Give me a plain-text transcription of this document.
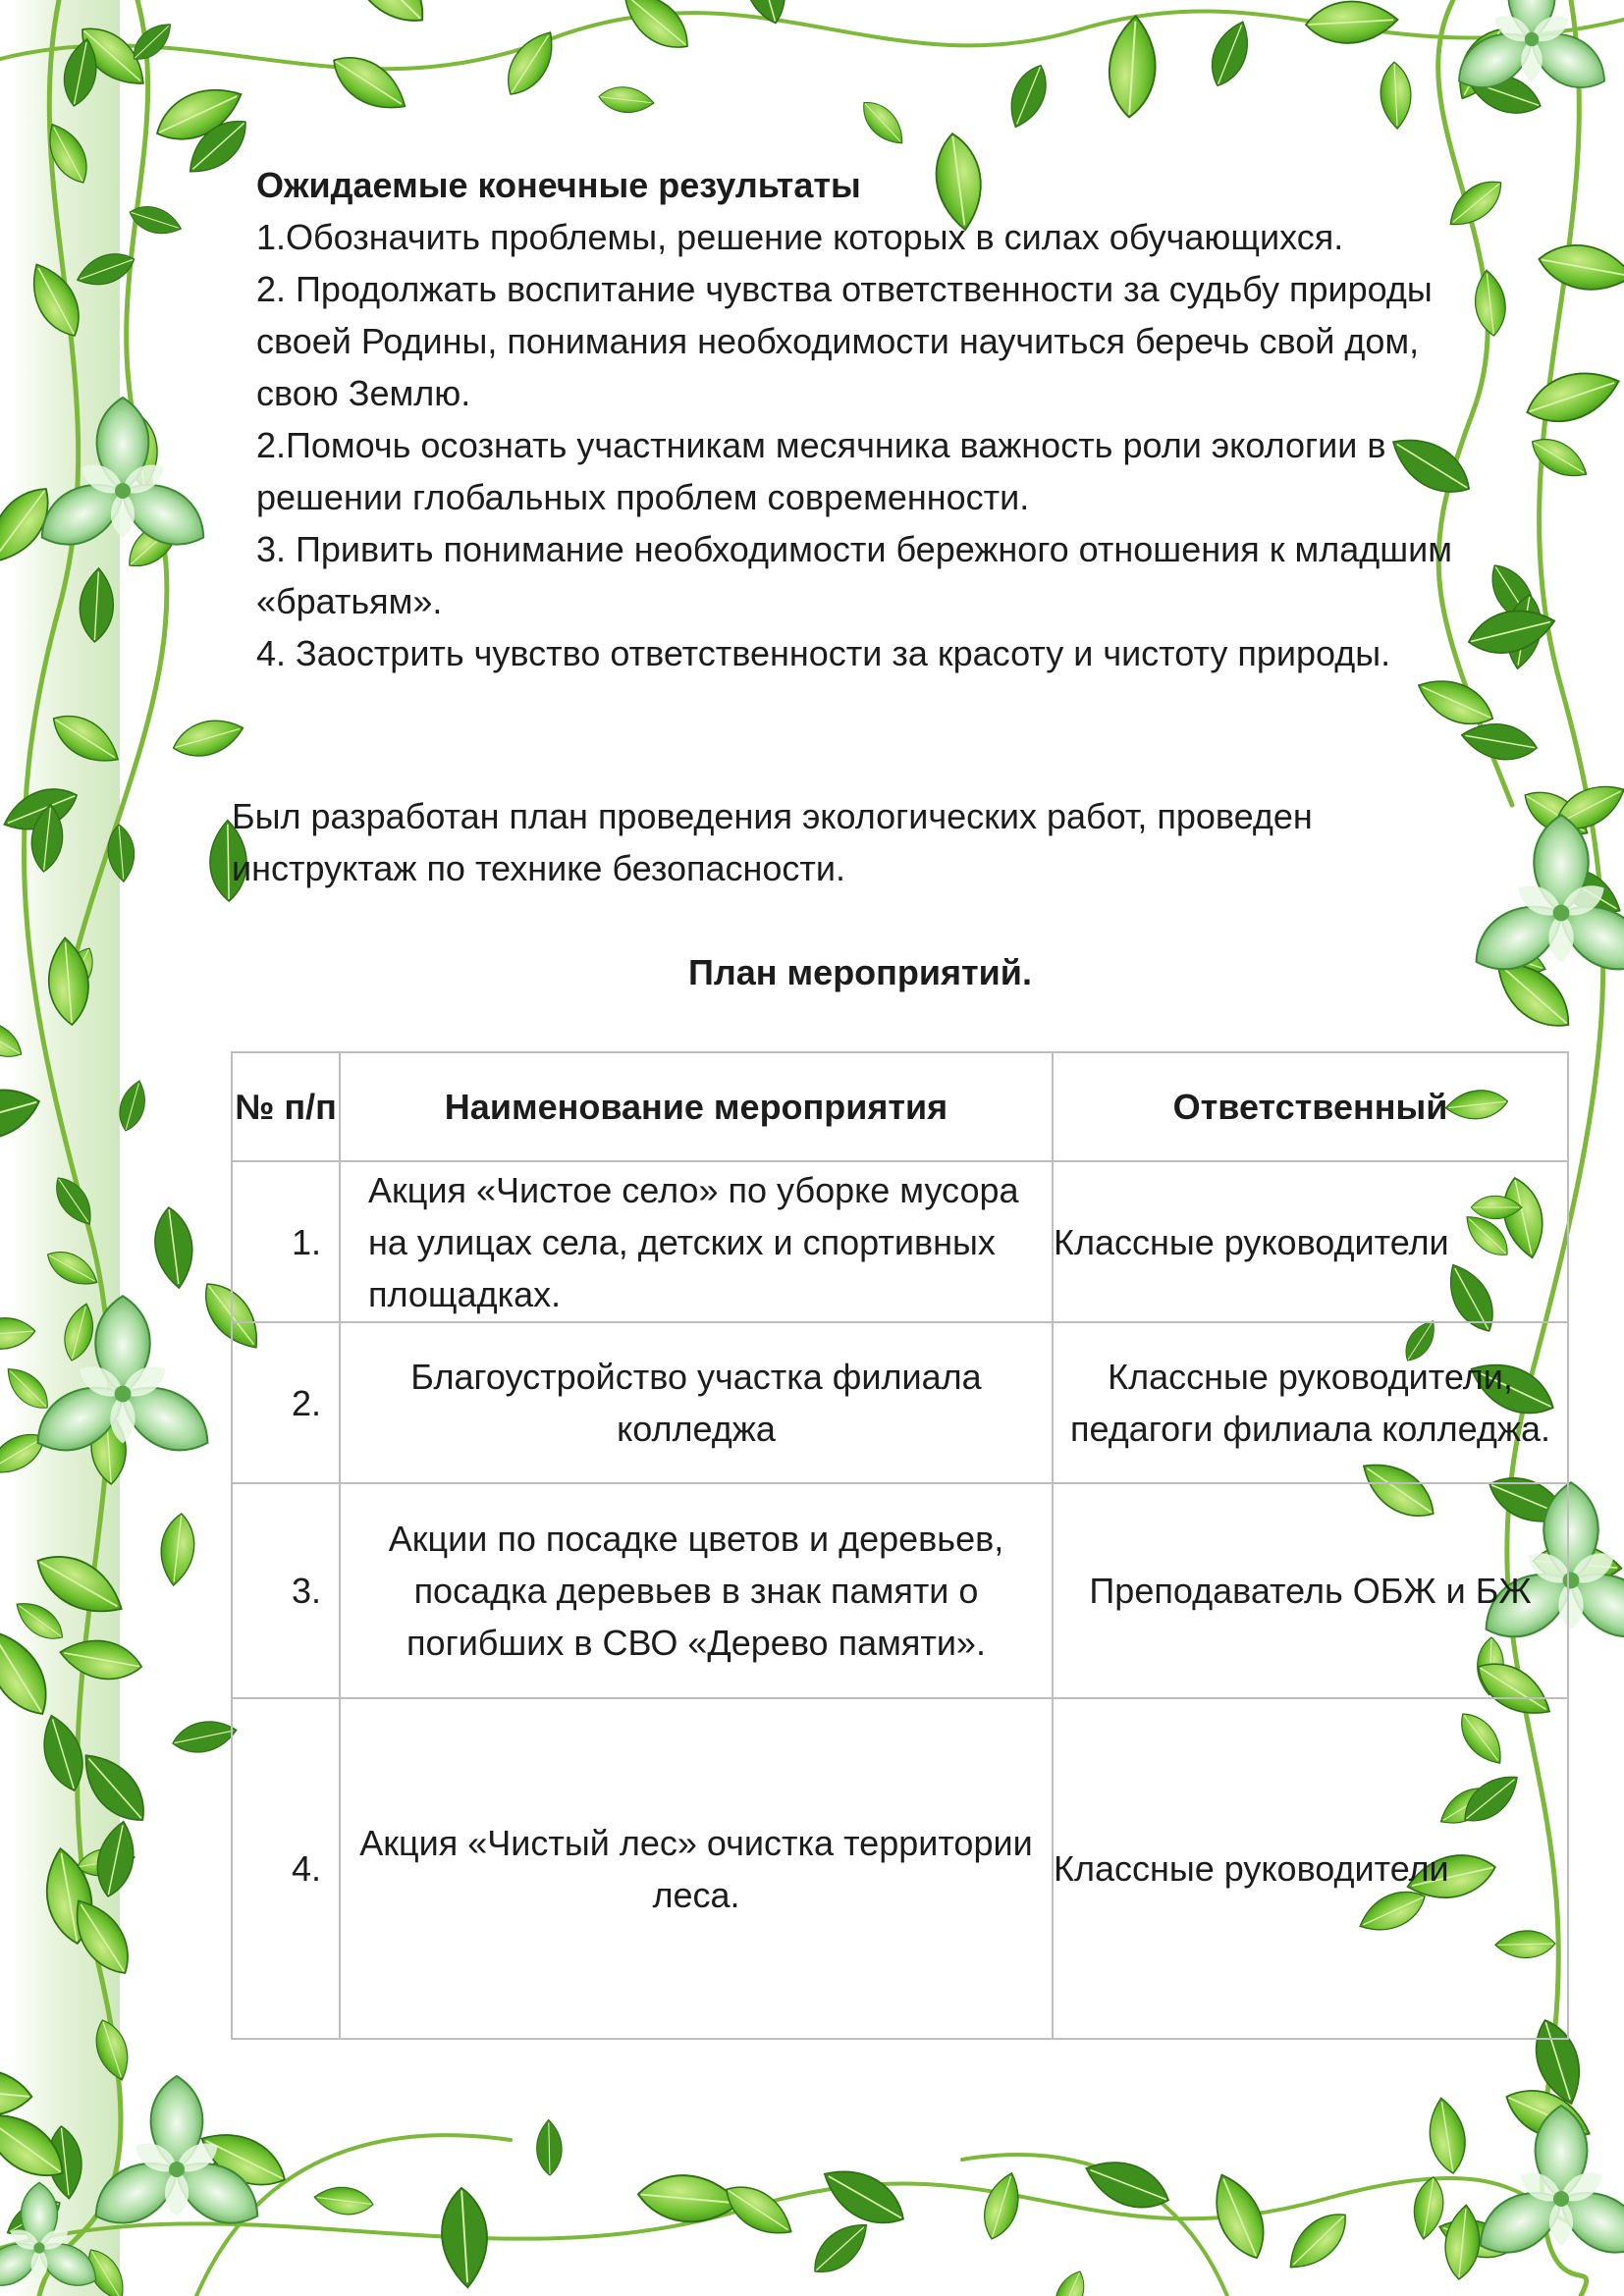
Ожидаемые конечные результаты
1.Обозначить проблемы, решение которых в силах обучающихся.
2. Продолжать воспитание чувства ответственности за судьбу природы своей Родины, понимания необходимости научиться беречь свой дом, свою Землю.
2.Помочь осознать участникам месячника важность роли экологии в решении глобальных проблем современности.
3. Привить понимание необходимости бережного отношения к младшим «братьям».
4. Заострить чувство ответственности за красоту и чистоту природы.
Был разработан план проведения экологических работ, проведен инструктаж по технике безопасности.
План мероприятий.
№ п/п	Наименование мероприятия	Ответственный
1.	Акция «Чистое село» по уборке мусора на улицах села, детских и спортивных площадках.	Классные руководители
2.	Благоустройство участка филиала колледжа	Классные руководители, педагоги филиала колледжа.
3.	Акции по посадке цветов и деревьев, посадка деревьев в знак памяти о погибших в СВО «Дерево памяти».	Преподаватель ОБЖ и БЖ
4.	Акция «Чистый лес» очистка территории леса.	Классные руководители
